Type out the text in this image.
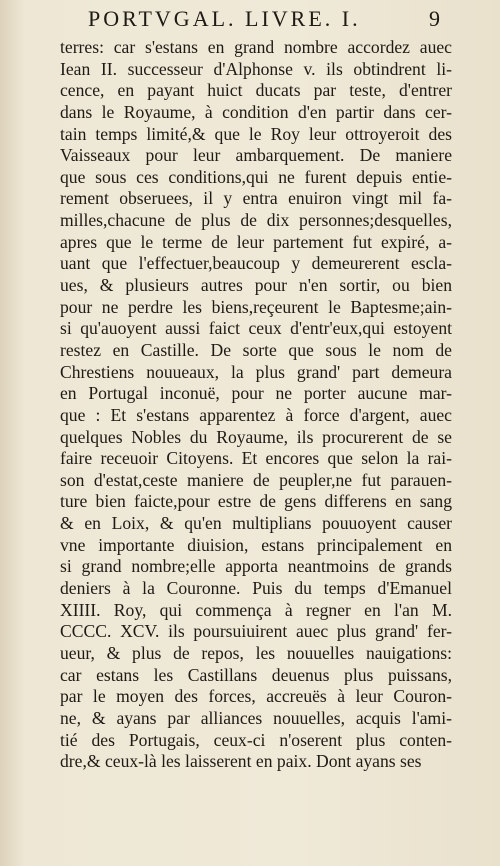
PORTVGAL. LIVRE. I.	9
terres: car s'estans en grand nombre accordez auec
Iean II. successeur d'Alphonse v. ils obtindrent li-
cence, en payant huict ducats par teste, d'entrer
dans le Royaume, à condition d'en partir dans cer-
tain temps limité,& que le Roy leur ottroyeroit des
Vaisseaux pour leur ambarquement. De maniere
que sous ces conditions,qui ne furent depuis entie-
rement obseruees, il y entra enuiron vingt mil fa-
milles,chacune de plus de dix personnes;desquelles,
apres que le terme de leur partement fut expiré, a-
uant que l'effectuer,beaucoup y demeurerent escla-
ues, & plusieurs autres pour n'en sortir, ou bien
pour ne perdre les biens,reçeurent le Baptesme;ain-
si qu'auoyent aussi faict ceux d'entr'eux,qui estoyent
restez en Castille. De sorte que sous le nom de
Chrestiens nouueaux, la plus grand' part demeura
en Portugal inconuë, pour ne porter aucune mar-
que : Et s'estans apparentez à force d'argent, auec
quelques Nobles du Royaume, ils procurerent de se
faire receuoir Citoyens. Et encores que selon la rai-
son d'estat,ceste maniere de peupler,ne fut parauen-
ture bien faicte,pour estre de gens differens en sang
& en Loix, & qu'en multiplians pouuoyent causer
vne importante diuision, estans principalement en
si grand nombre;elle apporta neantmoins de grands
deniers à la Couronne. Puis du temps d'Emanuel
XIIII. Roy, qui commença à regner en l'an M.
CCCC. XCV. ils poursuiuirent auec plus grand' fer-
ueur, & plus de repos, les nouuelles nauigations:
car estans les Castillans deuenus plus puissans,
par le moyen des forces, accreuës à leur Couron-
ne, & ayans par alliances nouuelles, acquis l'ami-
tié des Portugais, ceux-ci n'oserent plus conten-
dre,& ceux-là les laisserent en paix. Dont ayans ses
